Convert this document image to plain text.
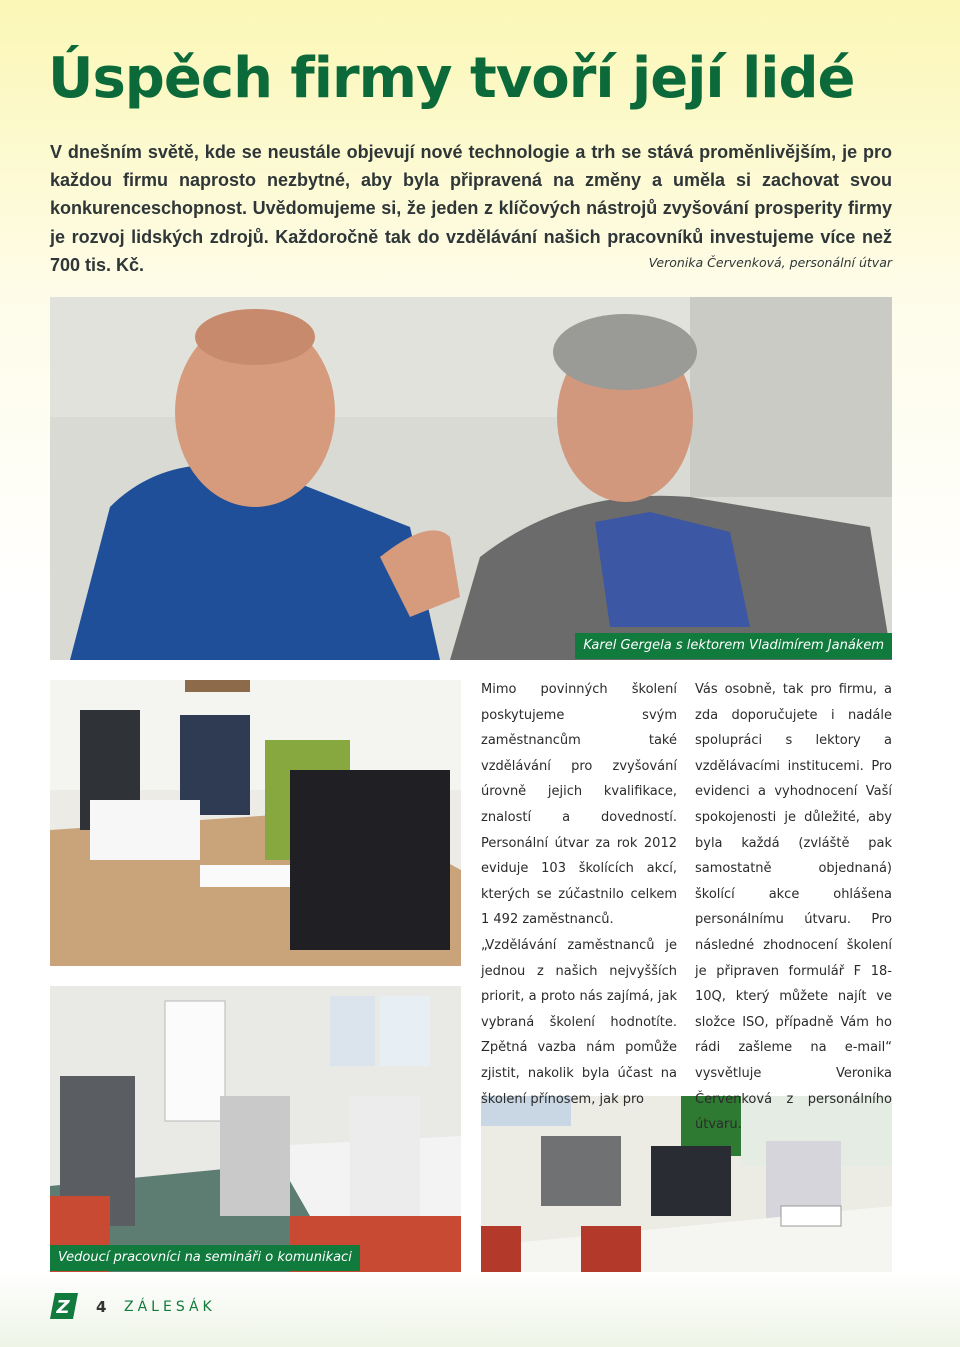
Úspěch firmy tvoří její lidé

V dnešním světě, kde se neustále objevují nové technologie a trh se stává proměnlivějším, je pro každou firmu naprosto nezbytné, aby byla připravená na změny a uměla si zachovat svou konkurenceschopnost. Uvědomujeme si, že jeden z klíčových nástrojů zvyšování prosperity firmy je rozvoj lidských zdrojů. Každoročně tak do vzdělávání našich pracovníků investujeme více než 700 tis. Kč.	Veronika Červenková, personální útvar
Karel Gergela s lektorem Vladimírem Janákem
Vedoucí pracovníci na semináři o komunikaci

Mimo povinných školení poskytujeme svým zaměstnancům také vzdělávání pro zvyšování úrovně jejich kvalifikace, znalostí a dovedností. Personální útvar za rok 2012 eviduje 103 školících akcí, kterých se zúčastnilo celkem 1 492 zaměstnanců.

„Vzdělávání zaměstnanců je jednou z našich nejvyšších priorit, a proto nás zajímá, jak vybraná školení hodnotíte. Zpětná vazba nám pomůže zjistit, nakolik byla účast na školení přínosem, jak pro

Vás osobně, tak pro firmu, a zda doporučujete i nadále spolupráci s lektory a vzdělávacími institucemi. Pro evidenci a vyhodnocení Vaší spokojenosti je důležité, aby byla každá (zvláště pak samostatně objednaná) školící akce ohlášena personálnímu útvaru. Pro následné zhodnocení školení je připraven formulář F 18-10Q, který můžete najít ve složce ISO, případně Vám ho rádi zašleme na e-mail“ vysvětluje Veronika Červenková z personálního útvaru.

Z 4 ZÁLESÁK
